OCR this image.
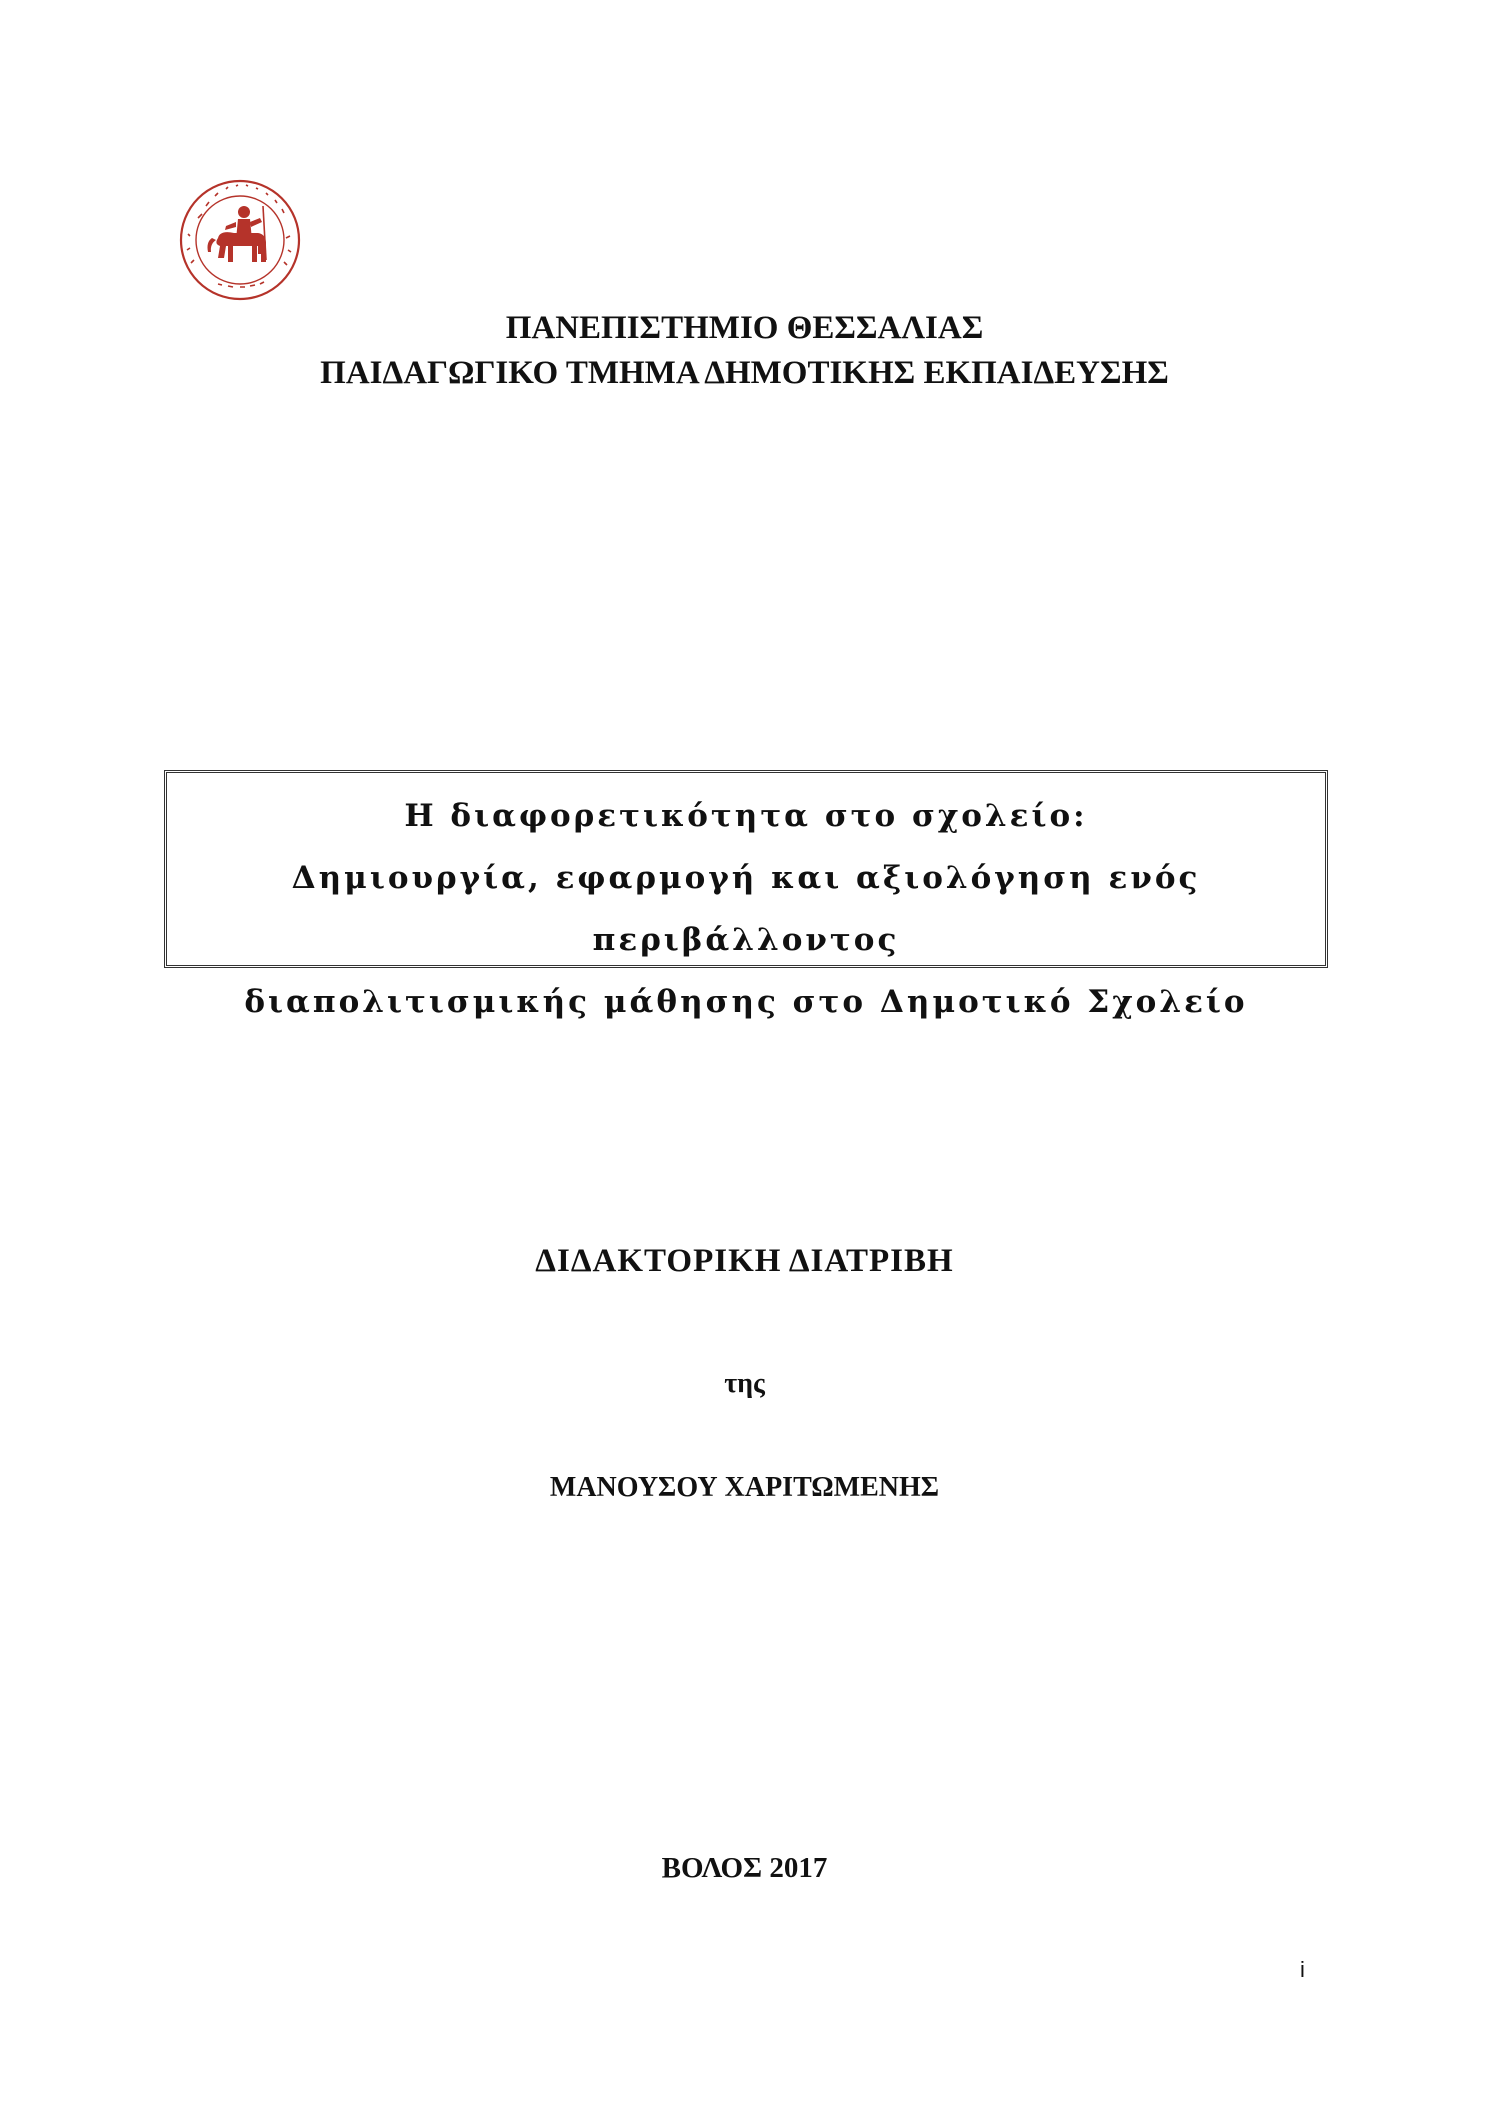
ΠΑΝΕΠΙΣΤΗΜΙΟ ΘΕΣΣΑΛΙΑΣ
ΠΑΙΔΑΓΩΓΙΚΟ ΤΜΗΜΑ ΔΗΜΟΤΙΚΗΣ ΕΚΠΑΙΔΕΥΣΗΣ
Η διαφορετικότητα στο σχολείο:
Δημιουργία, εφαρμογή και αξιολόγηση ενός περιβάλλοντος
διαπολιτισμικής μάθησης στο Δημοτικό Σχολείο
ΔΙΔΑΚΤΟΡΙΚΗ ΔΙΑΤΡΙΒΗ
της
ΜΑΝΟΥΣΟΥ ΧΑΡΙΤΩΜΕΝΗΣ
ΒΟΛΟΣ 2017
i
